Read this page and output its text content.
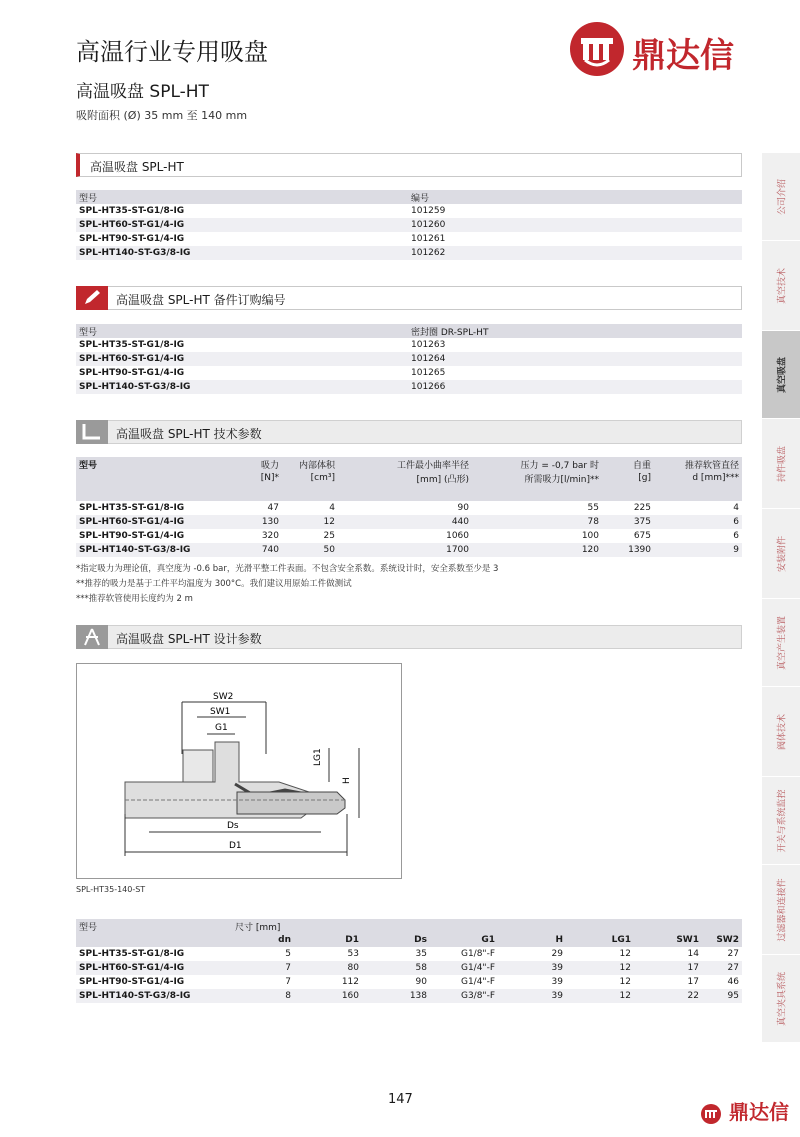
高温行业专用吸盘
高温吸盘 SPL-HT
吸附面积 (Ø) 35 mm 至 140 mm
鼎达信
高温吸盘 SPL-HT
型号	编号
SPL-HT35-ST-G1/8-IG	101259
SPL-HT60-ST-G1/4-IG	101260
SPL-HT90-ST-G1/4-IG	101261
SPL-HT140-ST-G3/8-IG	101262
高温吸盘 SPL-HT 备件订购编号
型号	密封圈 DR-SPL-HT
SPL-HT35-ST-G1/8-IG	101263
SPL-HT60-ST-G1/4-IG	101264
SPL-HT90-ST-G1/4-IG	101265
SPL-HT140-ST-G3/8-IG	101266
高温吸盘 SPL-HT 技术参数
型号	吸力	内部体积	工件最小曲率半径	压力 = -0,7 bar 时	自重	推荐软管直径
	[N]*	[cm³]	[mm] (凸形)	所需吸力[l/min]**	[g]	d [mm]***

SPL-HT35-ST-G1/8-IG	47	4	90	55	225	4
SPL-HT60-ST-G1/4-IG	130	12	440	78	375	6
SPL-HT90-ST-G1/4-IG	320	25	1060	100	675	6
SPL-HT140-ST-G3/8-IG	740	50	1700	120	1390	9
*指定吸力为理论值，真空度为 -0.6 bar，光滑平整工件表面。不包含安全系数。系统设计时，安全系数至少是 3
**推荐的吸力是基于工件平均温度为 300°C。我们建议用原始工件做测试
***推荐软管使用长度约为 2 m
高温吸盘 SPL-HT 设计参数
SW2
SW1
G1
LG1
H
Ds
D1
SPL-HT35-140-ST
型号	尺寸 [mm]							
	dn	D1	Ds	G1	H	LG1	SW1	SW2
SPL-HT35-ST-G1/8-IG	5	53	35	G1/8"-F	29	12	14	27
SPL-HT60-ST-G1/4-IG	7	80	58	G1/4"-F	39	12	17	27
SPL-HT90-ST-G1/4-IG	7	112	90	G1/4"-F	39	12	17	46
SPL-HT140-ST-G3/8-IG	8	160	138	G3/8"-F	39	12	22	95
147
鼎达信
公司介绍
真空技术
真空吸盘
持件吸盘
安装附件
真空产生装置
阀体技术
开关与系统监控
过滤器和连接件
真空夹具系统
